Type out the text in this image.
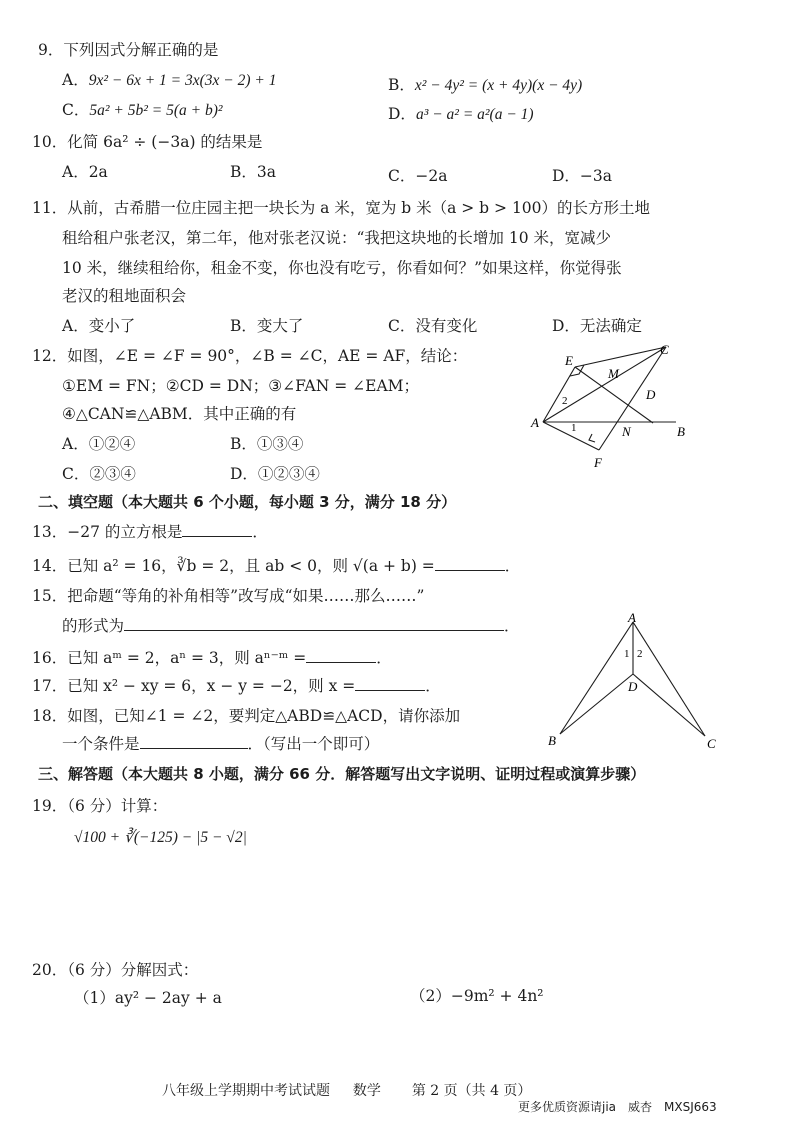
9．下列因式分解正确的是
A．9x² − 6x + 1 = 3x(3x − 2) + 1	B．x² − 4y² = (x + 4y)(x − 4y)
C．5a² + 5b² = 5(a + b)²	D．a³ − a² = a²(a − 1)
10．化简 6a² ÷ (−3a) 的结果是
A．2a	B．3a	C．−2a	D．−3a
11．从前，古希腊一位庄园主把一块长为 a 米，宽为 b 米（a > b > 100）的长方形土地
租给租户张老汉，第二年，他对张老汉说：“我把这块地的长增加 10 米，宽减少
10 米，继续租给你，租金不变，你也没有吃亏，你看如何？”如果这样，你觉得张
老汉的租地面积会
A．变小了	B．变大了	C．没有变化	D．无法确定
12．如图，∠E = ∠F = 90°，∠B = ∠C，AE = AF，结论：
①EM = FN；②CD = DN；③∠FAN = ∠EAM；
④△CAN≌△ABM．其中正确的有
A．①②④	B．①③④
C．②③④	D．①②③④
E
C
M
D
2
1
A
N	B
F
二、填空题（本大题共 6 个小题，每小题 3 分，满分 18 分）
13．−27 的立方根是	．
14．已知 a² = 16，∛b = 2，且 ab < 0，则 √(a + b) =	．
15．把命题“等角的补角相等”改写成“如果……那么……”
的形式为	．
16．已知 aᵐ = 2，aⁿ = 3，则 aⁿ⁻ᵐ =	．
17．已知 x² − xy = 6，x − y = −2，则 x =	．
18．如图，已知∠1 = ∠2，要判定△ABD≌△ACD，请你添加
一个条件是	．（写出一个即可）
A
1 2
D
B	C
三、解答题（本大题共 8 小题，满分 66 分．解答题写出文字说明、证明过程或演算步骤）
19．（6 分）计算：
√100 + ∛(−125) − |5 − √2|
20．（6 分）分解因式：
（1）ay² − 2ay + a	（2）−9m² + 4n²
八年级上学期期中考试试题 数学 第 2 页（共 4 页）
更多优质资源请jia　威杏　MXSJ663
